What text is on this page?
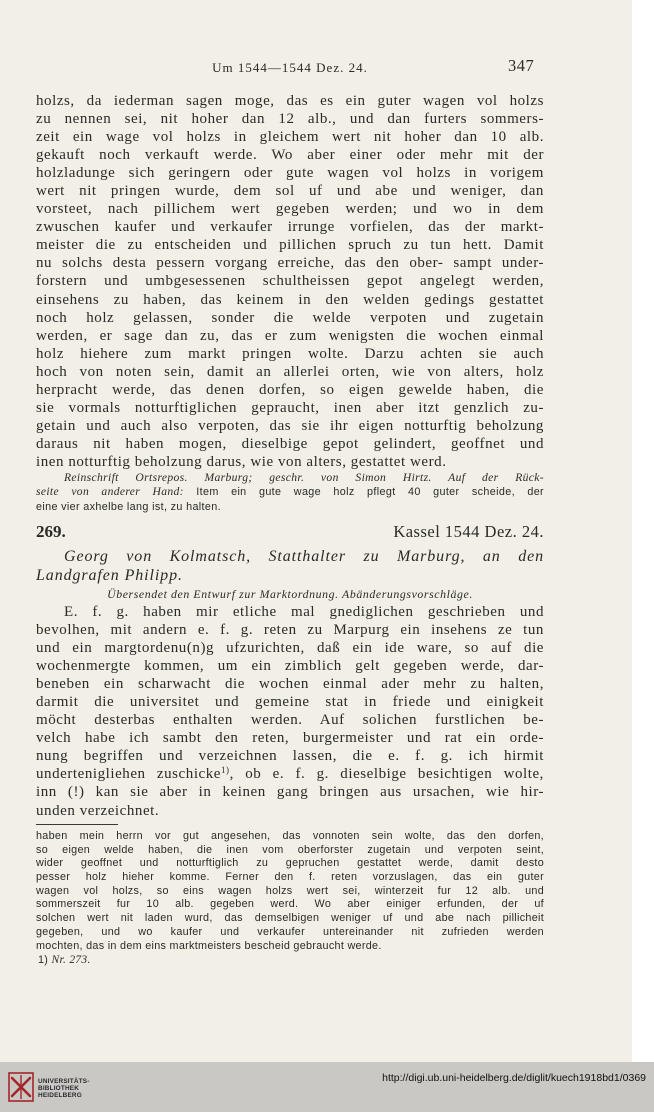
Um 1544—1544 Dez. 24.	347
holzs, da iederman sagen moge, das es ein guter wagen vol holzs
zu nennen sei, nit hoher dan 12 alb., und dan furters sommers-
zeit ein wage vol holzs in gleichem wert nit hoher dan 10 alb.
gekauft noch verkauft werde. Wo aber einer oder mehr mit der
holzladunge sich geringern oder gute wagen vol holzs in vorigem
wert nit pringen wurde, dem sol uf und abe und weniger, dan
vorsteet, nach pillichem wert gegeben werden; und wo in dem
zwuschen kaufer und verkaufer irrunge vorfielen, das der markt-
meister die zu entscheiden und pillichen spruch zu tun hett. Damit
nu solchs desta pessern vorgang erreiche, das den ober- sampt under-
forstern und umbgesessenen schultheissen gepot angelegt werden,
einsehens zu haben, das keinem in den welden gedings gestattet
noch holz gelassen, sonder die welde verpoten und zugetain
werden, er sage dan zu, das er zum wenigsten die wochen einmal
holz hiehere zum markt pringen wolte. Darzu achten sie auch
hoch von noten sein, damit an allerlei orten, wie von alters, holz
herpracht werde, das denen dorfen, so eigen gewelde haben, die
sie vormals notturftiglichen gepraucht, inen aber itzt genzlich zu-
getain und auch also verpoten, das sie ihr eigen notturftig beholzung
daraus nit haben mogen, dieselbige gepot gelindert, geoffnet und
inen notturftig beholzung darus, wie von alters, gestattet werd.
Reinschrift Ortsrepos. Marburg; geschr. von Simon Hirtz. Auf der Rück-
seite von anderer Hand: Item ein gute wage holz pflegt 40 guter scheide, der
eine vier axhelbe lang ist, zu halten.
269.	Kassel 1544 Dez. 24.
Georg von Kolmatsch, Statthalter zu Marburg, an den
Landgrafen Philipp.
Übersendet den Entwurf zur Marktordnung. Abänderungsvorschläge.
E. f. g. haben mir etliche mal gnediglichen geschrieben und
bevolhen, mit andern e. f. g. reten zu Marpurg ein insehens ze tun
und ein margtordenu(n)g ufzurichten, daß ein ide ware, so auf die
wochenmergte kommen, um ein zimblich gelt gegeben werde, dar-
beneben ein scharwacht die wochen einmal ader mehr zu halten,
darmit die universitet und gemeine stat in friede und einigkeit
möcht desterbas enthalten werden. Auf solichen furstlichen be-
velch habe ich sambt den reten, burgermeister und rat ein orde-
nung begriffen und verzeichnen lassen, die e. f. g. ich hirmit
undertenigliehen zuschicke$^{1)}$, ob e. f. g. dieselbige besichtigen wolte,
inn (!) kan sie aber in keinen gang bringen aus ursachen, wie hir-
unden verzeichnet.
haben mein herrn vor gut angesehen, das vonnoten sein wolte, das den dorfen,
so eigen welde haben, die inen vom oberforster zugetain und verpoten seint,
wider geoffnet und notturftiglich zu gepruchen gestattet werde, damit desto
pesser holz hieher komme. Ferner den f. reten vorzuslagen, das ein guter
wagen vol holzs, so eins wagen holzs wert sei, winterzeit fur 12 alb. und
sommerszeit fur 10 alb. gegeben werd. Wo aber einiger erfunden, der uf
solchen wert nit laden wurd, das demselbigen weniger uf und abe nach pillicheit
gegeben, und wo kaufer und verkaufer untereinander nit zufrieden werden
mochten, das in dem eins marktmeisters bescheid gebraucht werde.
1) Nr. 273.
UNIVERSITÄTS-
BIBLIOTHEK
HEIDELBERG
http://digi.ub.uni-heidelberg.de/diglit/kuech1918bd1/0369
